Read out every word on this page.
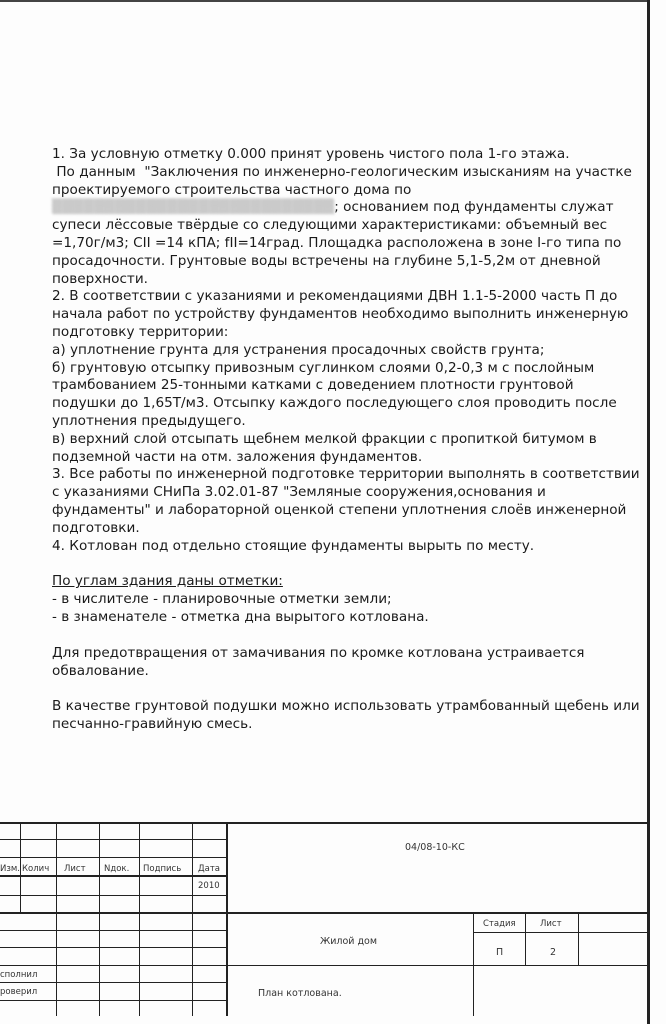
1. За условную отметку 0.000 принят уровень чистого пола 1-го этажа.

По данным  "Заключения по инженерно-геологическим изысканиям на участке проектируемого строительства частного дома по

▒▒▒▒▒▒▒▒▒▒▒▒▒▒▒▒▒▒▒▒▒▒▒▒▒▒▒; основанием под фундаменты служат супеси лёссовые твёрдые со следующими характеристиками: объемный вес =1,70г/м3; CII =14 кПА; fII=14град. Площадка расположена в зоне I-го типа по просадочности. Грунтовые воды встречены на глубине 5,1-5,2м от дневной поверхности.

2. В соответствии с указаниями и рекомендациями ДВН 1.1-5-2000 часть П до начала работ по устройству фундаментов необходимо выполнить инженерную подготовку территории:

а) уплотнение грунта для устранения просадочных свойств грунта;

б) грунтовую отсыпку привозным суглинком слоями 0,2-0,3 м с послойным трамбованием 25-тонными катками с доведением плотности грунтовой подушки до 1,65Т/м3. Отсыпку каждого последующего слоя проводить после уплотнения предыдущего.

в) верхний слой отсыпать щебнем мелкой фракции с пропиткой битумом в подземной части на отм. заложения фундаментов.

3. Все работы по инженерной подготовке территории выполнять в соответствии с указаниями СНиПа 3.02.01-87 "Земляные сооружения,основания и фундаменты" и лабораторной оценкой степени уплотнения слоёв инженерной подготовки.

4. Котлован под отдельно стоящие фундаменты вырыть по месту.

По углам здания даны отметки:

- в числителе - планировочные отметки земли;

- в знаменателе - отметка дна вырытого котлована.

Для предотвращения от замачивания по кромке котлована устраивается обвалование.

В качестве грунтовой подушки можно использовать утрамбованный щебень или песчанно-гравийную смесь.

04/08-10-КС
Изм. Колич Лист Nдок. Подпись Дата
2010
Жилой дом
Стадия	Лист
П	2
сполнил
роверил	План котлована.
